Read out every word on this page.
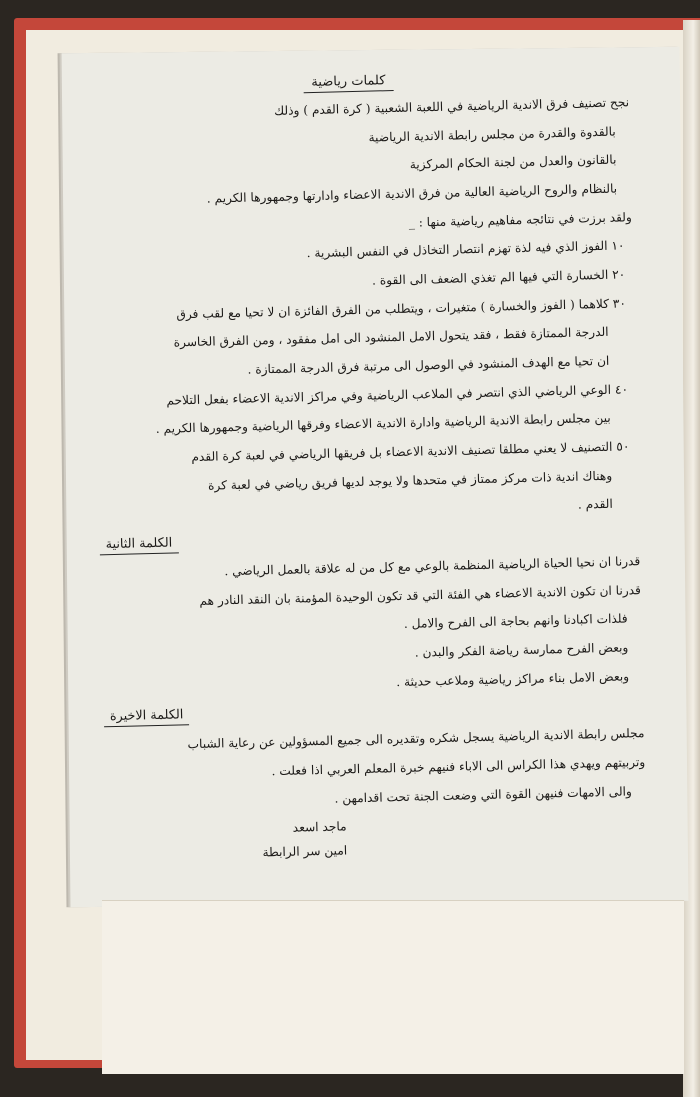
كلمات رياضية
نجح تصنيف فرق الاندية الرياضية في اللعبة الشعبية ( كرة القدم ) وذلك
بالقدوة والقدرة من مجلس رابطة الاندية الرياضية
بالقانون والعدل من لجنة الحكام المركزية
بالنظام والروح الرياضية العالية من فرق الاندية الاعضاء وادارتها وجمهورها الكريم .
ولقد برزت في نتائجه مفاهيم رياضية منها : _
١٠ الفوز الذي فيه لذة تهزم انتصار التخاذل في النفس البشرية .
٢٠ الخسارة التي فيها الم تغذي الضعف الى القوة .
٣٠ كلاهما ( الفوز والخسارة ) متغيرات ، ويتطلب من الفرق الفائزة ان لا تحيا مع لقب فرق
الدرجة الممتازة فقط ، فقد يتحول الامل المنشود الى امل مفقود ، ومن الفرق الخاسرة
ان تحيا مع الهدف المنشود في الوصول الى مرتبة فرق الدرجة الممتازة .
٤٠ الوعي الرياضي الذي انتصر في الملاعب الرياضية وفي مراكز الاندية الاعضاء بفعل التلاحم
بين مجلس رابطة الاندية الرياضية وادارة الاندية الاعضاء وفرقها الرياضية وجمهورها الكريم .
٥٠ التصنيف لا يعني مطلقا تصنيف الاندية الاعضاء بل فريقها الرياضي في لعبة كرة القدم
وهناك اندية ذات مركز ممتاز في متحدها ولا يوجد لديها فريق رياضي في لعبة كرة
القدم .
الكلمة الثانية
قدرنا ان نحيا الحياة الرياضية المنظمة بالوعي مع كل من له علاقة بالعمل الرياضي .
قدرنا ان تكون الاندية الاعضاء هي الفئة التي قد تكون الوحيدة المؤمنة بان النقد النادر هم
فلذات اكبادنا وانهم بحاجة الى الفرح والامل .
وبعض الفرح ممارسة رياضة الفكر والبدن .
وبعض الامل بناء مراكز رياضية وملاعب حديثة .
الكلمة الاخيرة
مجلس رابطة الاندية الرياضية يسجل شكره وتقديره الى جميع المسؤولين عن رعاية الشباب
وتربيتهم ويهدي هذا الكراس الى الاباء فنيهم خبرة المعلم العربي اذا فعلت .
والى الامهات فنيهن القوة التي وضعت الجنة تحت اقدامهن .
ماجد اسعد
امين سر الرابطة
